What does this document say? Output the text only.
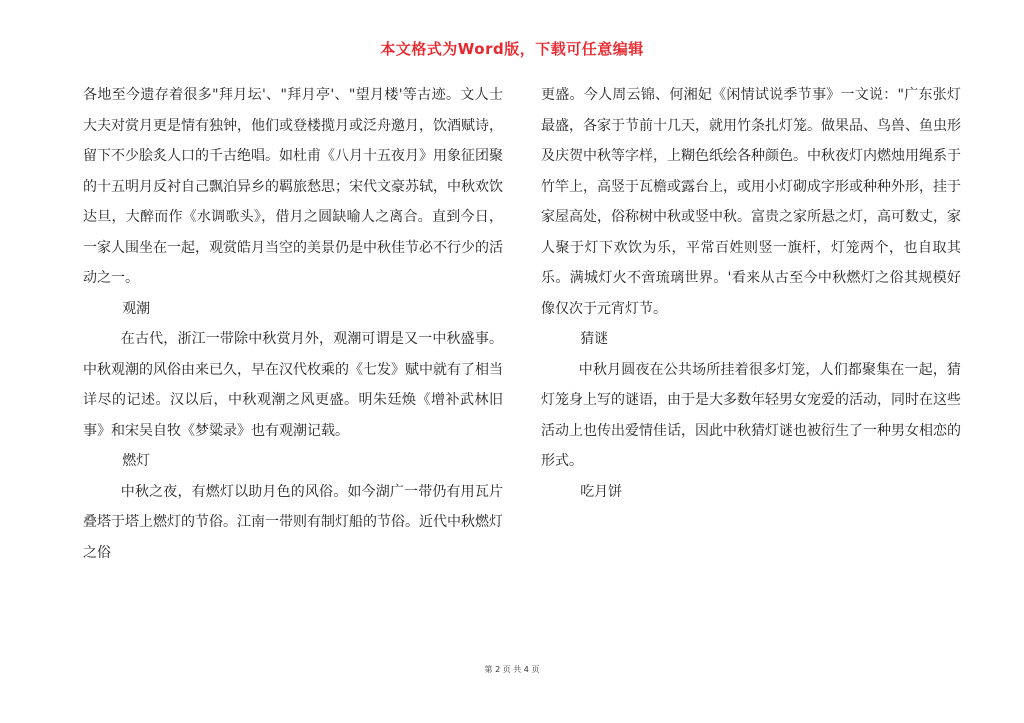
本文格式为Word版，下载可任意编辑

各地至今遗存着很多"拜月坛'、"拜月亭'、"望月楼'等古迹。文人士大夫对赏月更是情有独钟，他们或登楼揽月或泛舟邀月，饮酒赋诗，留下不少脍炙人口的千古绝唱。如杜甫《八月十五夜月》用象征团聚的十五明月反衬自己飘泊异乡的羁旅愁思；宋代文豪苏轼，中秋欢饮达旦，大醉而作《水调歌头》，借月之圆缺喻人之离合。直到今日，一家人围坐在一起，观赏皓月当空的美景仍是中秋佳节必不行少的活动之一。

观潮

在古代，浙江一带除中秋赏月外，观潮可谓是又一中秋盛事。中秋观潮的风俗由来已久，早在汉代枚乘的《七发》赋中就有了相当详尽的记述。汉以后，中秋观潮之风更盛。明朱廷焕《增补武林旧事》和宋吴自牧《梦粱录》也有观潮记载。

燃灯

中秋之夜，有燃灯以助月色的风俗。如今湖广一带仍有用瓦片叠塔于塔上燃灯的节俗。江南一带则有制灯船的节俗。近代中秋燃灯之俗

更盛。今人周云锦、何湘妃《闲情试说季节事》一文说："广东张灯最盛，各家于节前十几天，就用竹条扎灯笼。做果品、鸟兽、鱼虫形及庆贺中秋等字样，上糊色纸绘各种颜色。中秋夜灯内燃烛用绳系于竹竿上，高竖于瓦檐或露台上，或用小灯砌成字形或种种外形，挂于家屋高处，俗称树中秋或竖中秋。富贵之家所悬之灯，高可数丈，家人聚于灯下欢饮为乐，平常百姓则竖一旗杆，灯笼两个，也自取其乐。满城灯火不啻琉璃世界。'看来从古至今中秋燃灯之俗其规模好像仅次于元宵灯节。

猜谜

中秋月圆夜在公共场所挂着很多灯笼，人们都聚集在一起，猜灯笼身上写的谜语，由于是大多数年轻男女宠爱的活动，同时在这些活动上也传出爱情佳话，因此中秋猜灯谜也被衍生了一种男女相恋的形式。

吃月饼

第 2 页 共 4 页
